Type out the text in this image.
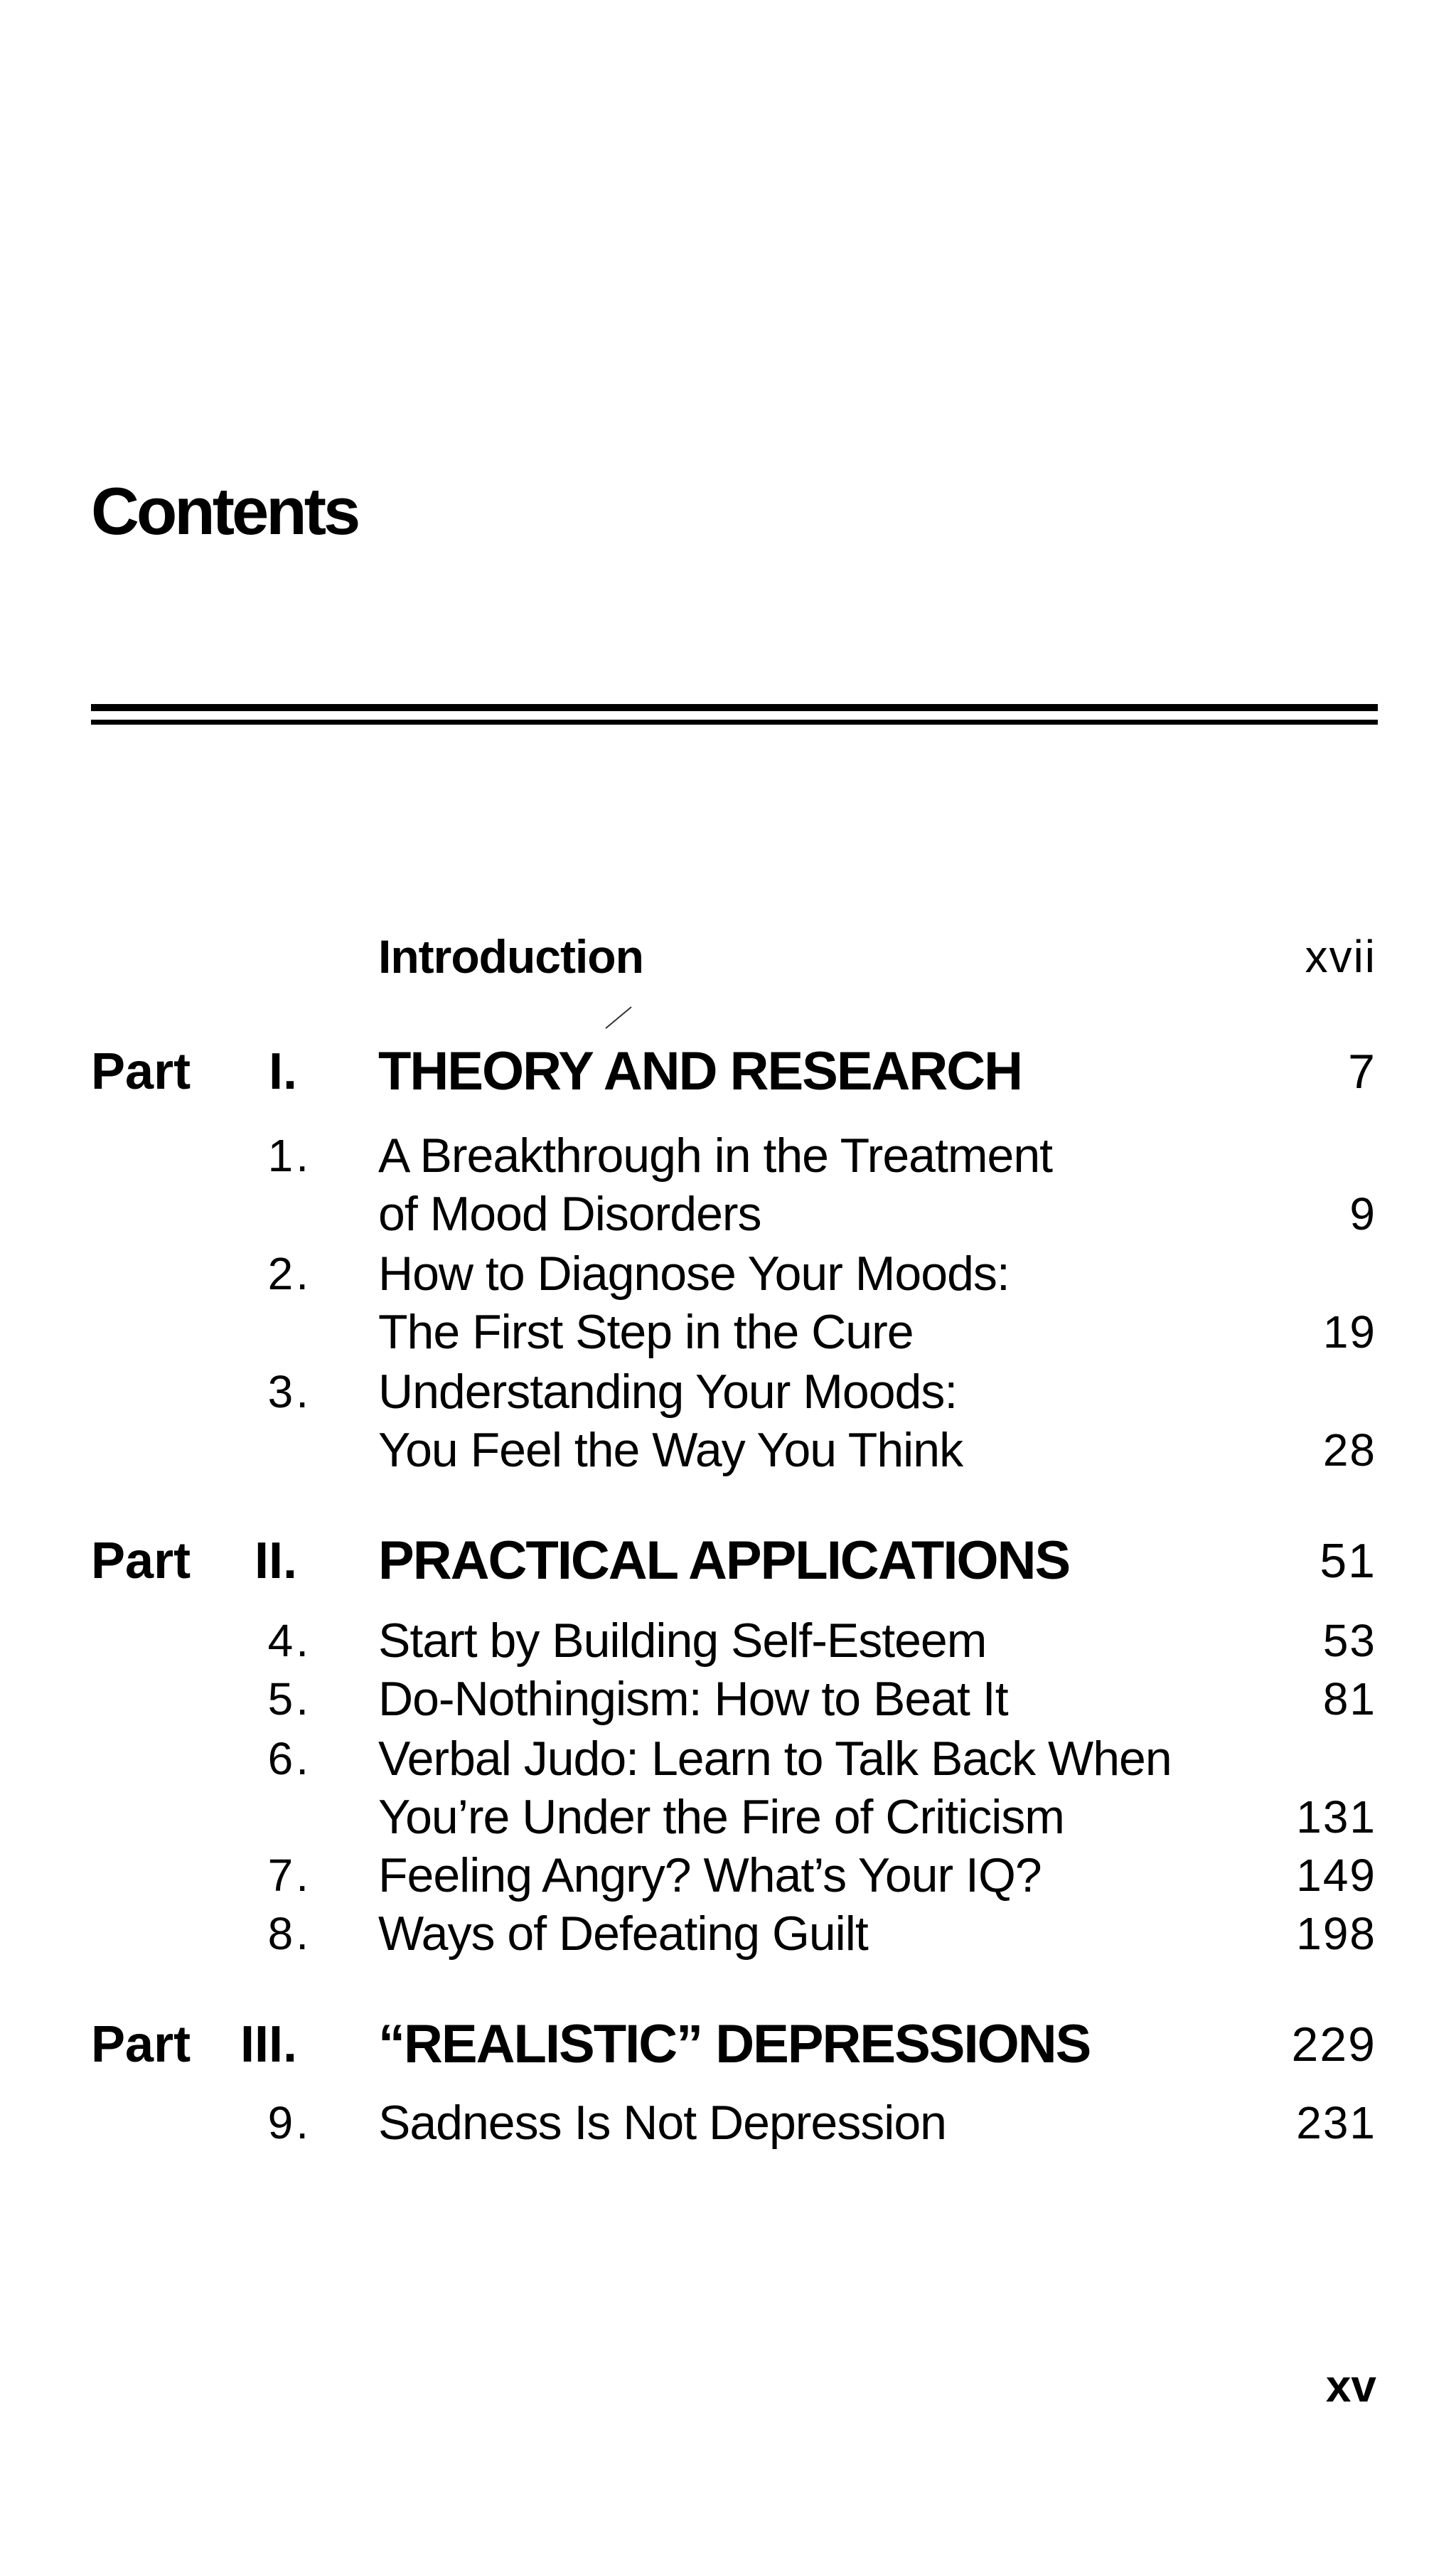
Contents
Introduction	xvii
Part I. THEORY AND RESEARCH	7
1. A Breakthrough in the Treatment
of Mood Disorders	9
2. How to Diagnose Your Moods:
The First Step in the Cure	19
3. Understanding Your Moods:
You Feel the Way You Think	28
Part II. PRACTICAL APPLICATIONS	51
4. Start by Building Self-Esteem	53
5. Do-Nothingism: How to Beat It	81
6. Verbal Judo: Learn to Talk Back When
You’re Under the Fire of Criticism	131
7. Feeling Angry? What’s Your IQ?	149
8. Ways of Defeating Guilt	198
Part III. “REALISTIC” DEPRESSIONS	229
9. Sadness Is Not Depression	231
xv
